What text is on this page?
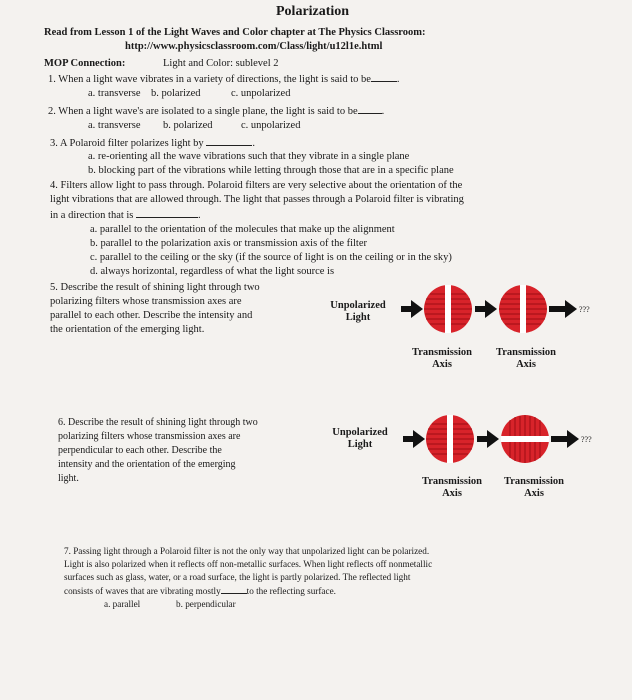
Polarization
Read from Lesson 1 of the Light Waves and Color chapter at The Physics Classroom:
http://www.physicsclassroom.com/Class/light/u12l1e.html
MOP Connection:	Light and Color: sublevel 2
1. When a light wave vibrates in a variety of directions, the light is said to be .
a. transverse b. polarized	c. unpolarized
2. When a light wave's are isolated to a single plane, the light is said to be .
a. transverse b. polarized	c. unpolarized
3. A Polaroid filter polarizes light by	.
a. re-orienting all the wave vibrations such that they vibrate in a single plane
b. blocking part of the vibrations while letting through those that are in a specific plane
4. Filters allow light to pass through. Polaroid filters are very selective about the orientation of the
light vibrations that are allowed through. The light that passes through a Polaroid filter is vibrating
in a direction that is	.
a. parallel to the orientation of the molecules that make up the alignment
b. parallel to the polarization axis or transmission axis of the filter
c. parallel to the ceiling or the sky (if the source of light is on the ceiling or in the sky)
d. always horizontal, regardless of what the light source is
5. Describe the result of shining light through two
polarizing filters whose transmission axes are
parallel to each other. Describe the intensity and
the orientation of the emerging light.
Unpolarized
Light
???
Transmission
Axis
Transmission
Axis
6. Describe the result of shining light through two
polarizing filters whose transmission axes are
perpendicular to each other. Describe the
intensity and the orientation of the emerging
light.
Unpolarized
Light	???
Transmission
Axis
Transmission
Axis
7. Passing light through a Polaroid filter is not the only way that unpolarized light can be polarized.
Light is also polarized when it reflects off non-metallic surfaces. When light reflects off nonmetallic
surfaces such as glass, water, or a road surface, the light is partly polarized. The reflected light
consists of waves that are vibrating mostly	to the reflecting surface.
a. parallel	b. perpendicular
